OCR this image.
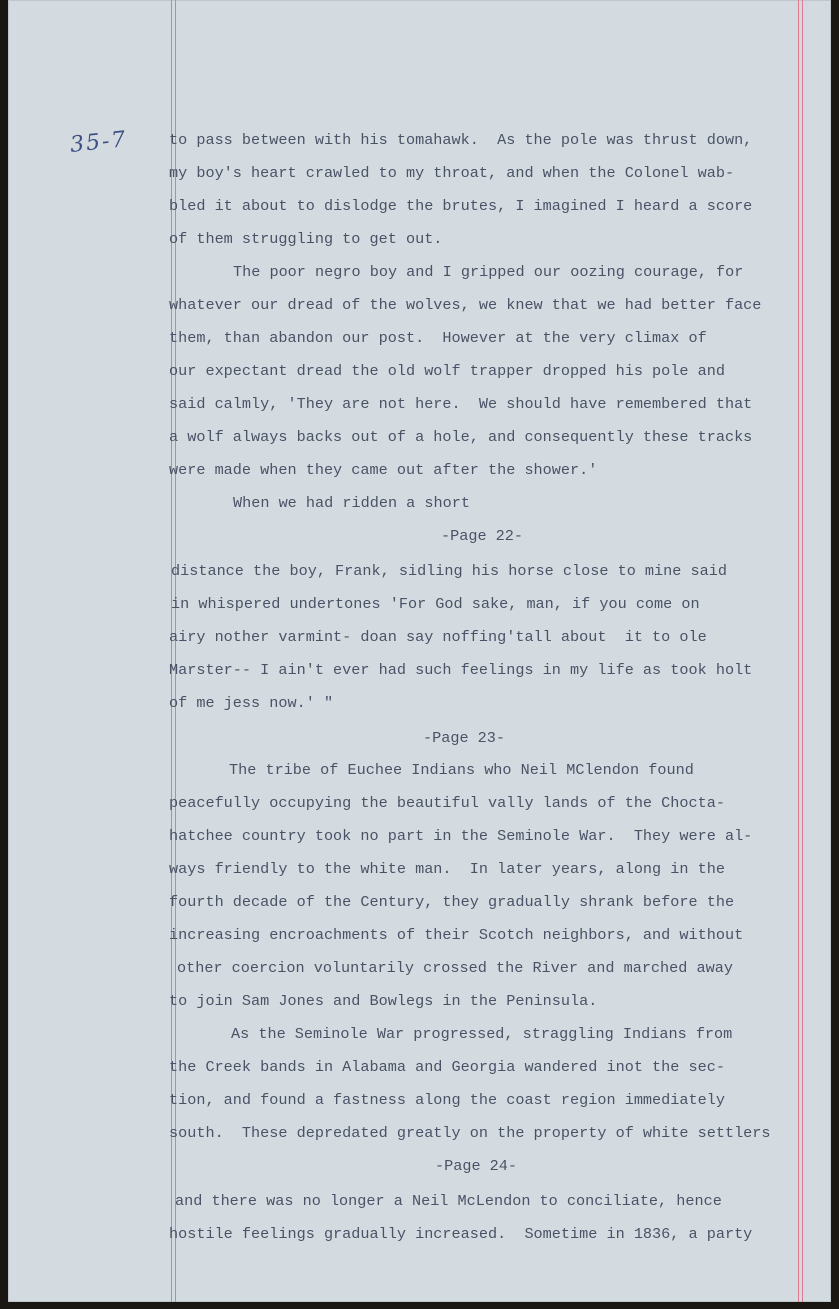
35-7

	to pass between with his tomahawk.  As the pole was thrust down,

my boy's heart crawled to my throat, and when the Colonel wab-

bled it about to dislodge the brutes, I imagined I heard a score

of them struggling to get out.

The poor negro boy and I gripped our oozing courage, for

whatever our dread of the wolves, we knew that we had better face

them, than abandon our post.  However at the very climax of

our expectant dread the old wolf trapper dropped his pole and

said calmly, 'They are not here.  We should have remembered that

a wolf always backs out of a hole, and consequently these tracks

were made when they came out after the shower.'

When we had ridden a short

-Page 22-

distance the boy, Frank, sidling his horse close to mine said

in whispered undertones 'For God sake, man, if you come on

airy nother varmint- doan say noffing'tall about  it to ole

Marster-- I ain't ever had such feelings in my life as took holt

of me jess now.' "

-Page 23-

The tribe of Euchee Indians who Neil MClendon found

peacefully occupying the beautiful vally lands of the Chocta-

hatchee country took no part in the Seminole War.  They were al-

ways friendly to the white man.  In later years, along in the

fourth decade of the Century, they gradually shrank before the

increasing encroachments of their Scotch neighbors, and without

other coercion voluntarily crossed the River and marched away

to join Sam Jones and Bowlegs in the Peninsula.

As the Seminole War progressed, straggling Indians from

the Creek bands in Alabama and Georgia wandered inot the sec-

tion, and found a fastness along the coast region immediately

south.  These depredated greatly on the property of white settlers

-Page 24-

and there was no longer a Neil McLendon to conciliate, hence

hostile feelings gradually increased.  Sometime in 1836, a party
